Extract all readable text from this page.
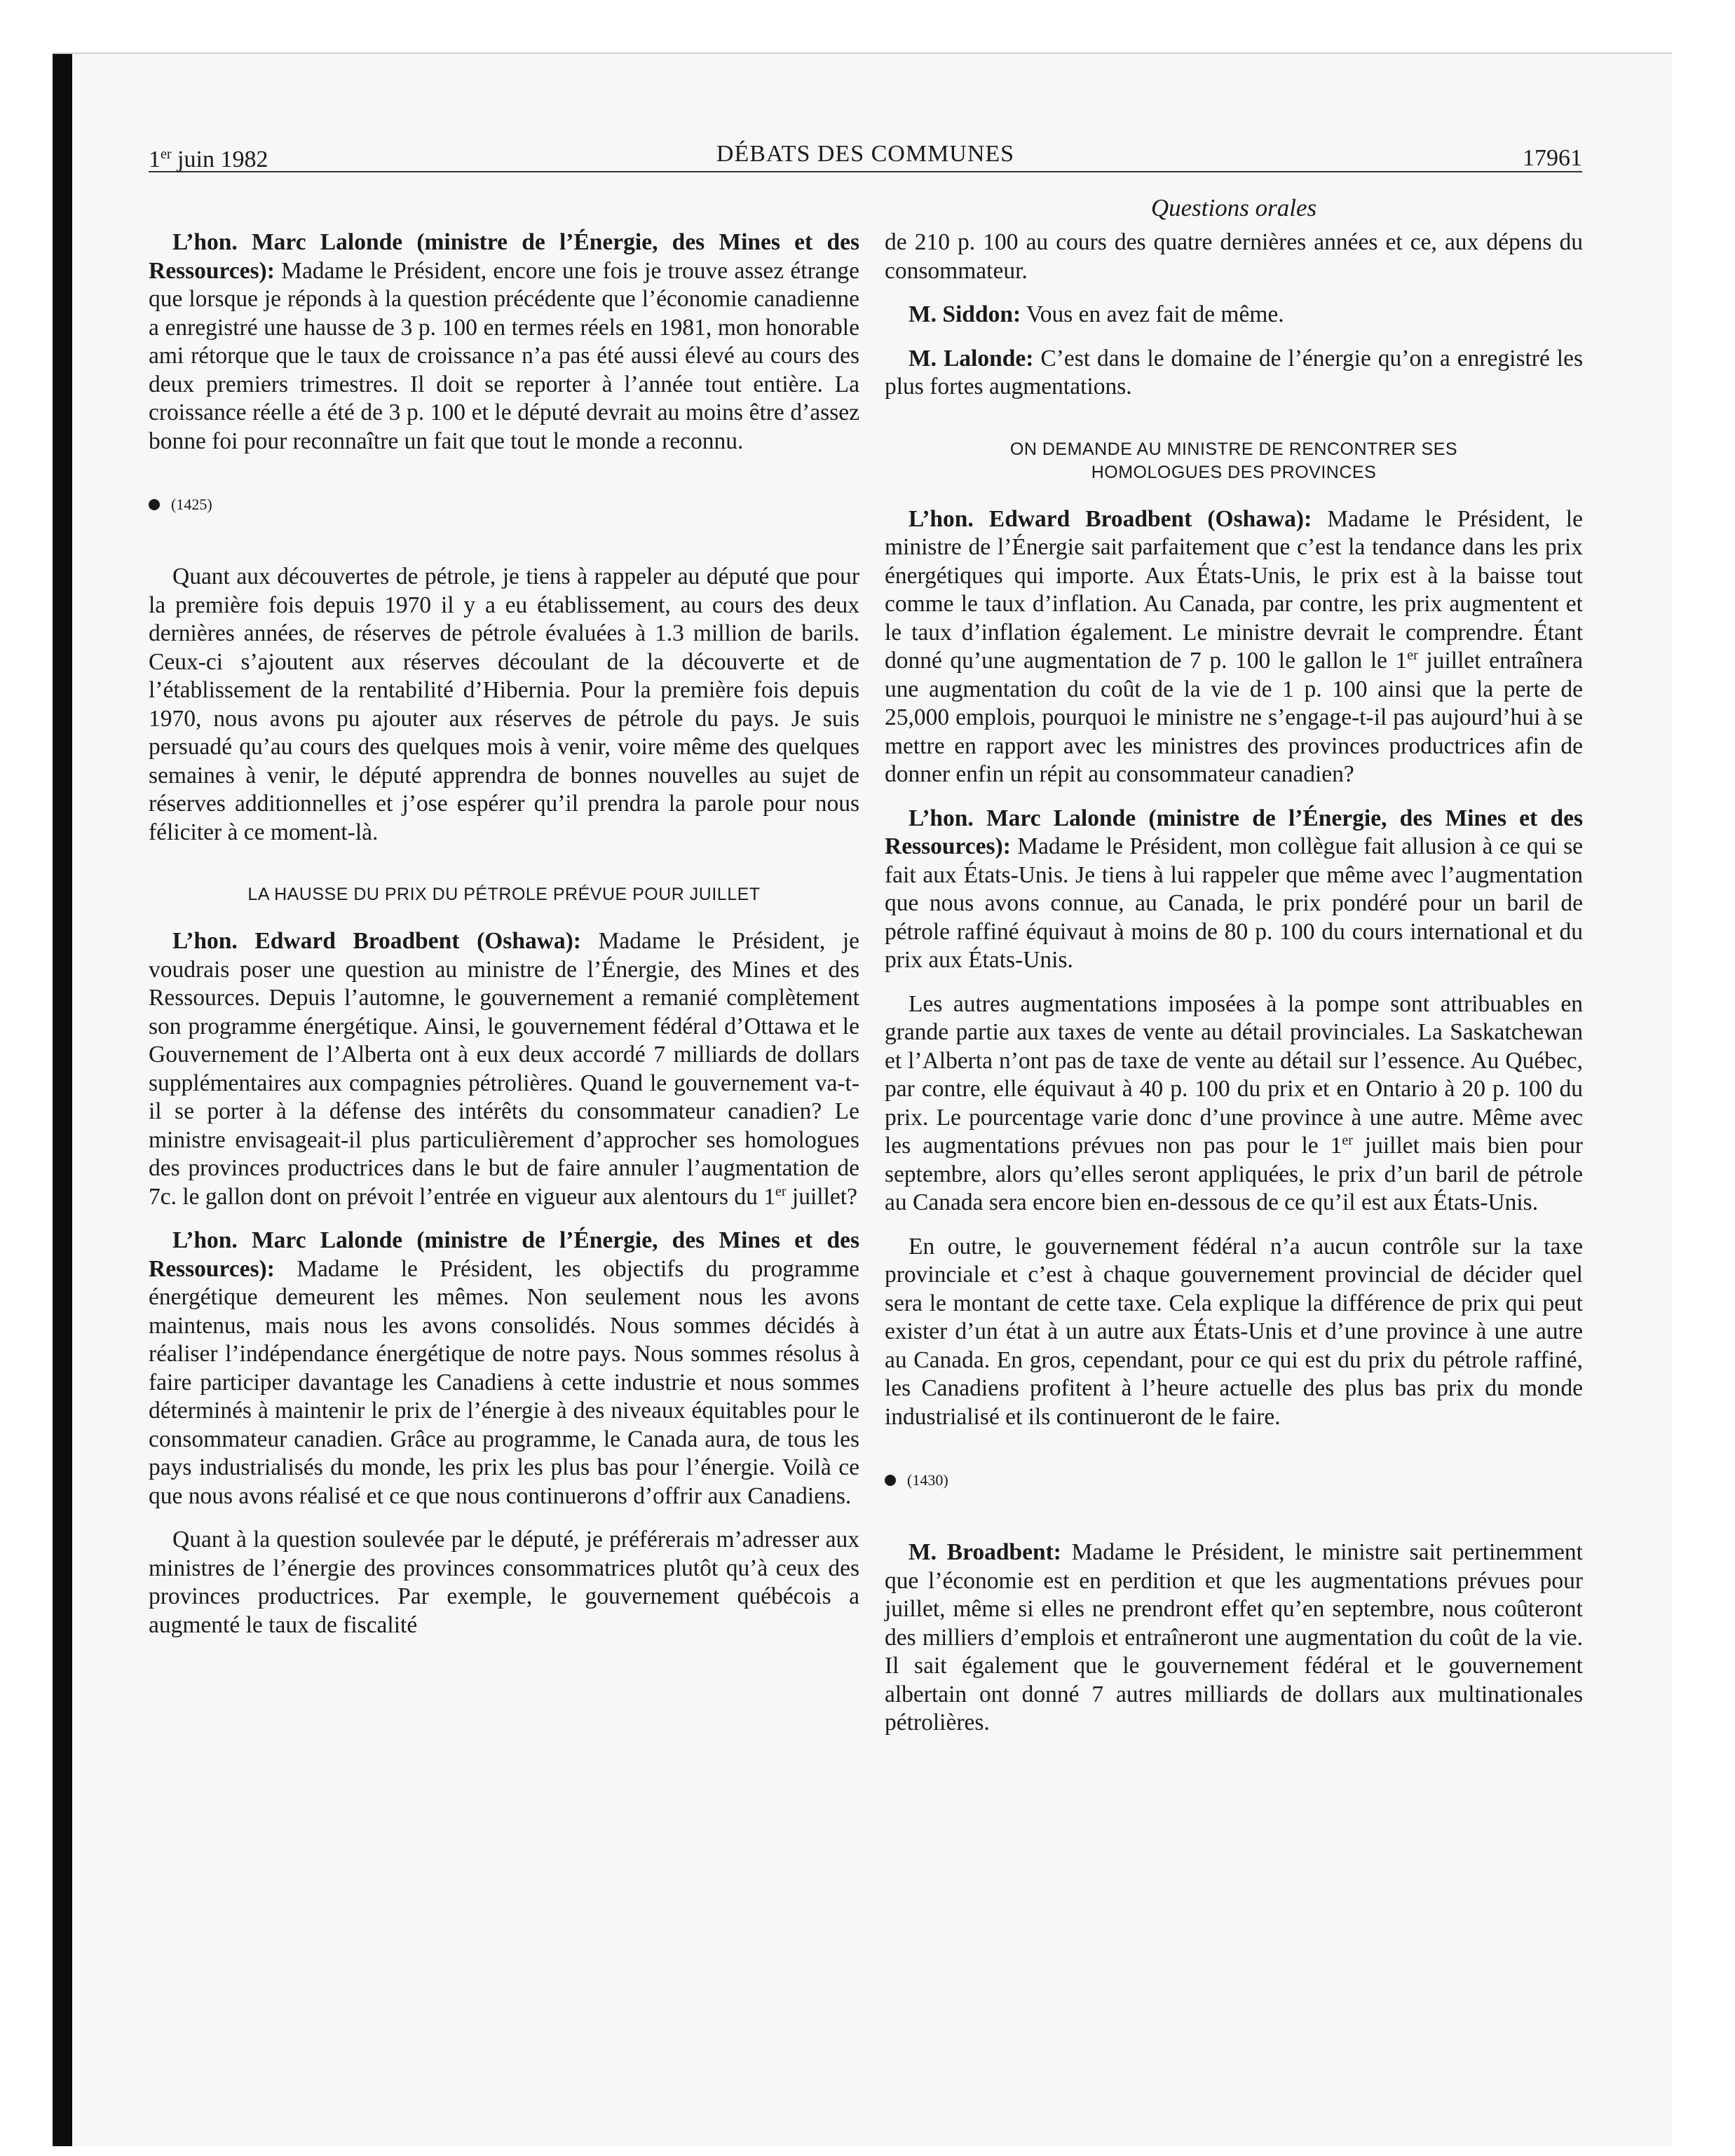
1er juin 1982	DÉBATS DES COMMUNES	17961
Questions orales

L’hon. Marc Lalonde (ministre de l’Énergie, des Mines et des Ressources): Madame le Président, encore une fois je trouve assez étrange que lorsque je réponds à la question précédente que l’économie canadienne a enregistré une hausse de 3 p. 100 en termes réels en 1981, mon honorable ami rétorque que le taux de croissance n’a pas été aussi élevé au cours des deux premiers trimestres. Il doit se reporter à l’année tout entière. La croissance réelle a été de 3 p. 100 et le député devrait au moins être d’assez bonne foi pour reconnaître un fait que tout le monde a reconnu.

(1425)

Quant aux découvertes de pétrole, je tiens à rappeler au député que pour la première fois depuis 1970 il y a eu établissement, au cours des deux dernières années, de réserves de pétrole évaluées à 1.3 million de barils. Ceux-ci s’ajoutent aux réserves découlant de la découverte et de l’établissement de la rentabilité d’Hibernia. Pour la première fois depuis 1970, nous avons pu ajouter aux réserves de pétrole du pays. Je suis persuadé qu’au cours des quelques mois à venir, voire même des quelques semaines à venir, le député apprendra de bonnes nouvelles au sujet de réserves additionnelles et j’ose espérer qu’il prendra la parole pour nous féliciter à ce moment-là.

LA HAUSSE DU PRIX DU PÉTROLE PRÉVUE POUR JUILLET

L’hon. Edward Broadbent (Oshawa): Madame le Président, je voudrais poser une question au ministre de l’Énergie, des Mines et des Ressources. Depuis l’automne, le gouvernement a remanié complètement son programme énergétique. Ainsi, le gouvernement fédéral d’Ottawa et le Gouvernement de l’Alberta ont à eux deux accordé 7 milliards de dollars supplémentaires aux compagnies pétrolières. Quand le gouvernement va-t-il se porter à la défense des intérêts du consommateur canadien? Le ministre envisageait-il plus particulièrement d’approcher ses homologues des provinces productrices dans le but de faire annuler l’augmentation de 7c. le gallon dont on prévoit l’entrée en vigueur aux alentours du 1er juillet?

L’hon. Marc Lalonde (ministre de l’Énergie, des Mines et des Ressources): Madame le Président, les objectifs du programme énergétique demeurent les mêmes. Non seulement nous les avons maintenus, mais nous les avons consolidés. Nous sommes décidés à réaliser l’indépendance énergétique de notre pays. Nous sommes résolus à faire participer davantage les Canadiens à cette industrie et nous sommes déterminés à maintenir le prix de l’énergie à des niveaux équitables pour le consommateur canadien. Grâce au programme, le Canada aura, de tous les pays industrialisés du monde, les prix les plus bas pour l’énergie. Voilà ce que nous avons réalisé et ce que nous continuerons d’offrir aux Canadiens.

Quant à la question soulevée par le député, je préférerais m’adresser aux ministres de l’énergie des provinces consommatrices plutôt qu’à ceux des provinces productrices. Par exemple, le gouvernement québécois a augmenté le taux de fiscalité

de 210 p. 100 au cours des quatre dernières années et ce, aux dépens du consommateur.

M. Siddon: Vous en avez fait de même.

M. Lalonde: C’est dans le domaine de l’énergie qu’on a enregistré les plus fortes augmentations.

ON DEMANDE AU MINISTRE DE RENCONTRER SES
HOMOLOGUES DES PROVINCES

L’hon. Edward Broadbent (Oshawa): Madame le Président, le ministre de l’Énergie sait parfaitement que c’est la tendance dans les prix énergétiques qui importe. Aux États-Unis, le prix est à la baisse tout comme le taux d’inflation. Au Canada, par contre, les prix augmentent et le taux d’inflation également. Le ministre devrait le comprendre. Étant donné qu’une augmentation de 7 p. 100 le gallon le 1er juillet entraînera une augmentation du coût de la vie de 1 p. 100 ainsi que la perte de 25,000 emplois, pourquoi le ministre ne s’engage-t-il pas aujourd’hui à se mettre en rapport avec les ministres des provinces productrices afin de donner enfin un répit au consommateur canadien?

L’hon. Marc Lalonde (ministre de l’Énergie, des Mines et des Ressources): Madame le Président, mon collègue fait allusion à ce qui se fait aux États-Unis. Je tiens à lui rappeler que même avec l’augmentation que nous avons connue, au Canada, le prix pondéré pour un baril de pétrole raffiné équivaut à moins de 80 p. 100 du cours international et du prix aux États-Unis.

Les autres augmentations imposées à la pompe sont attribuables en grande partie aux taxes de vente au détail provinciales. La Saskatchewan et l’Alberta n’ont pas de taxe de vente au détail sur l’essence. Au Québec, par contre, elle équivaut à 40 p. 100 du prix et en Ontario à 20 p. 100 du prix. Le pourcentage varie donc d’une province à une autre. Même avec les augmentations prévues non pas pour le 1er juillet mais bien pour septembre, alors qu’elles seront appliquées, le prix d’un baril de pétrole au Canada sera encore bien en-dessous de ce qu’il est aux États-Unis.

En outre, le gouvernement fédéral n’a aucun contrôle sur la taxe provinciale et c’est à chaque gouvernement provincial de décider quel sera le montant de cette taxe. Cela explique la différence de prix qui peut exister d’un état à un autre aux États-Unis et d’une province à une autre au Canada. En gros, cependant, pour ce qui est du prix du pétrole raffiné, les Canadiens profitent à l’heure actuelle des plus bas prix du monde industrialisé et ils continueront de le faire.

(1430)

M. Broadbent: Madame le Président, le ministre sait pertinemment que l’économie est en perdition et que les augmentations prévues pour juillet, même si elles ne prendront effet qu’en septembre, nous coûteront des milliers d’emplois et entraîneront une augmentation du coût de la vie. Il sait également que le gouvernement fédéral et le gouvernement albertain ont donné 7 autres milliards de dollars aux multinationales pétrolières.
